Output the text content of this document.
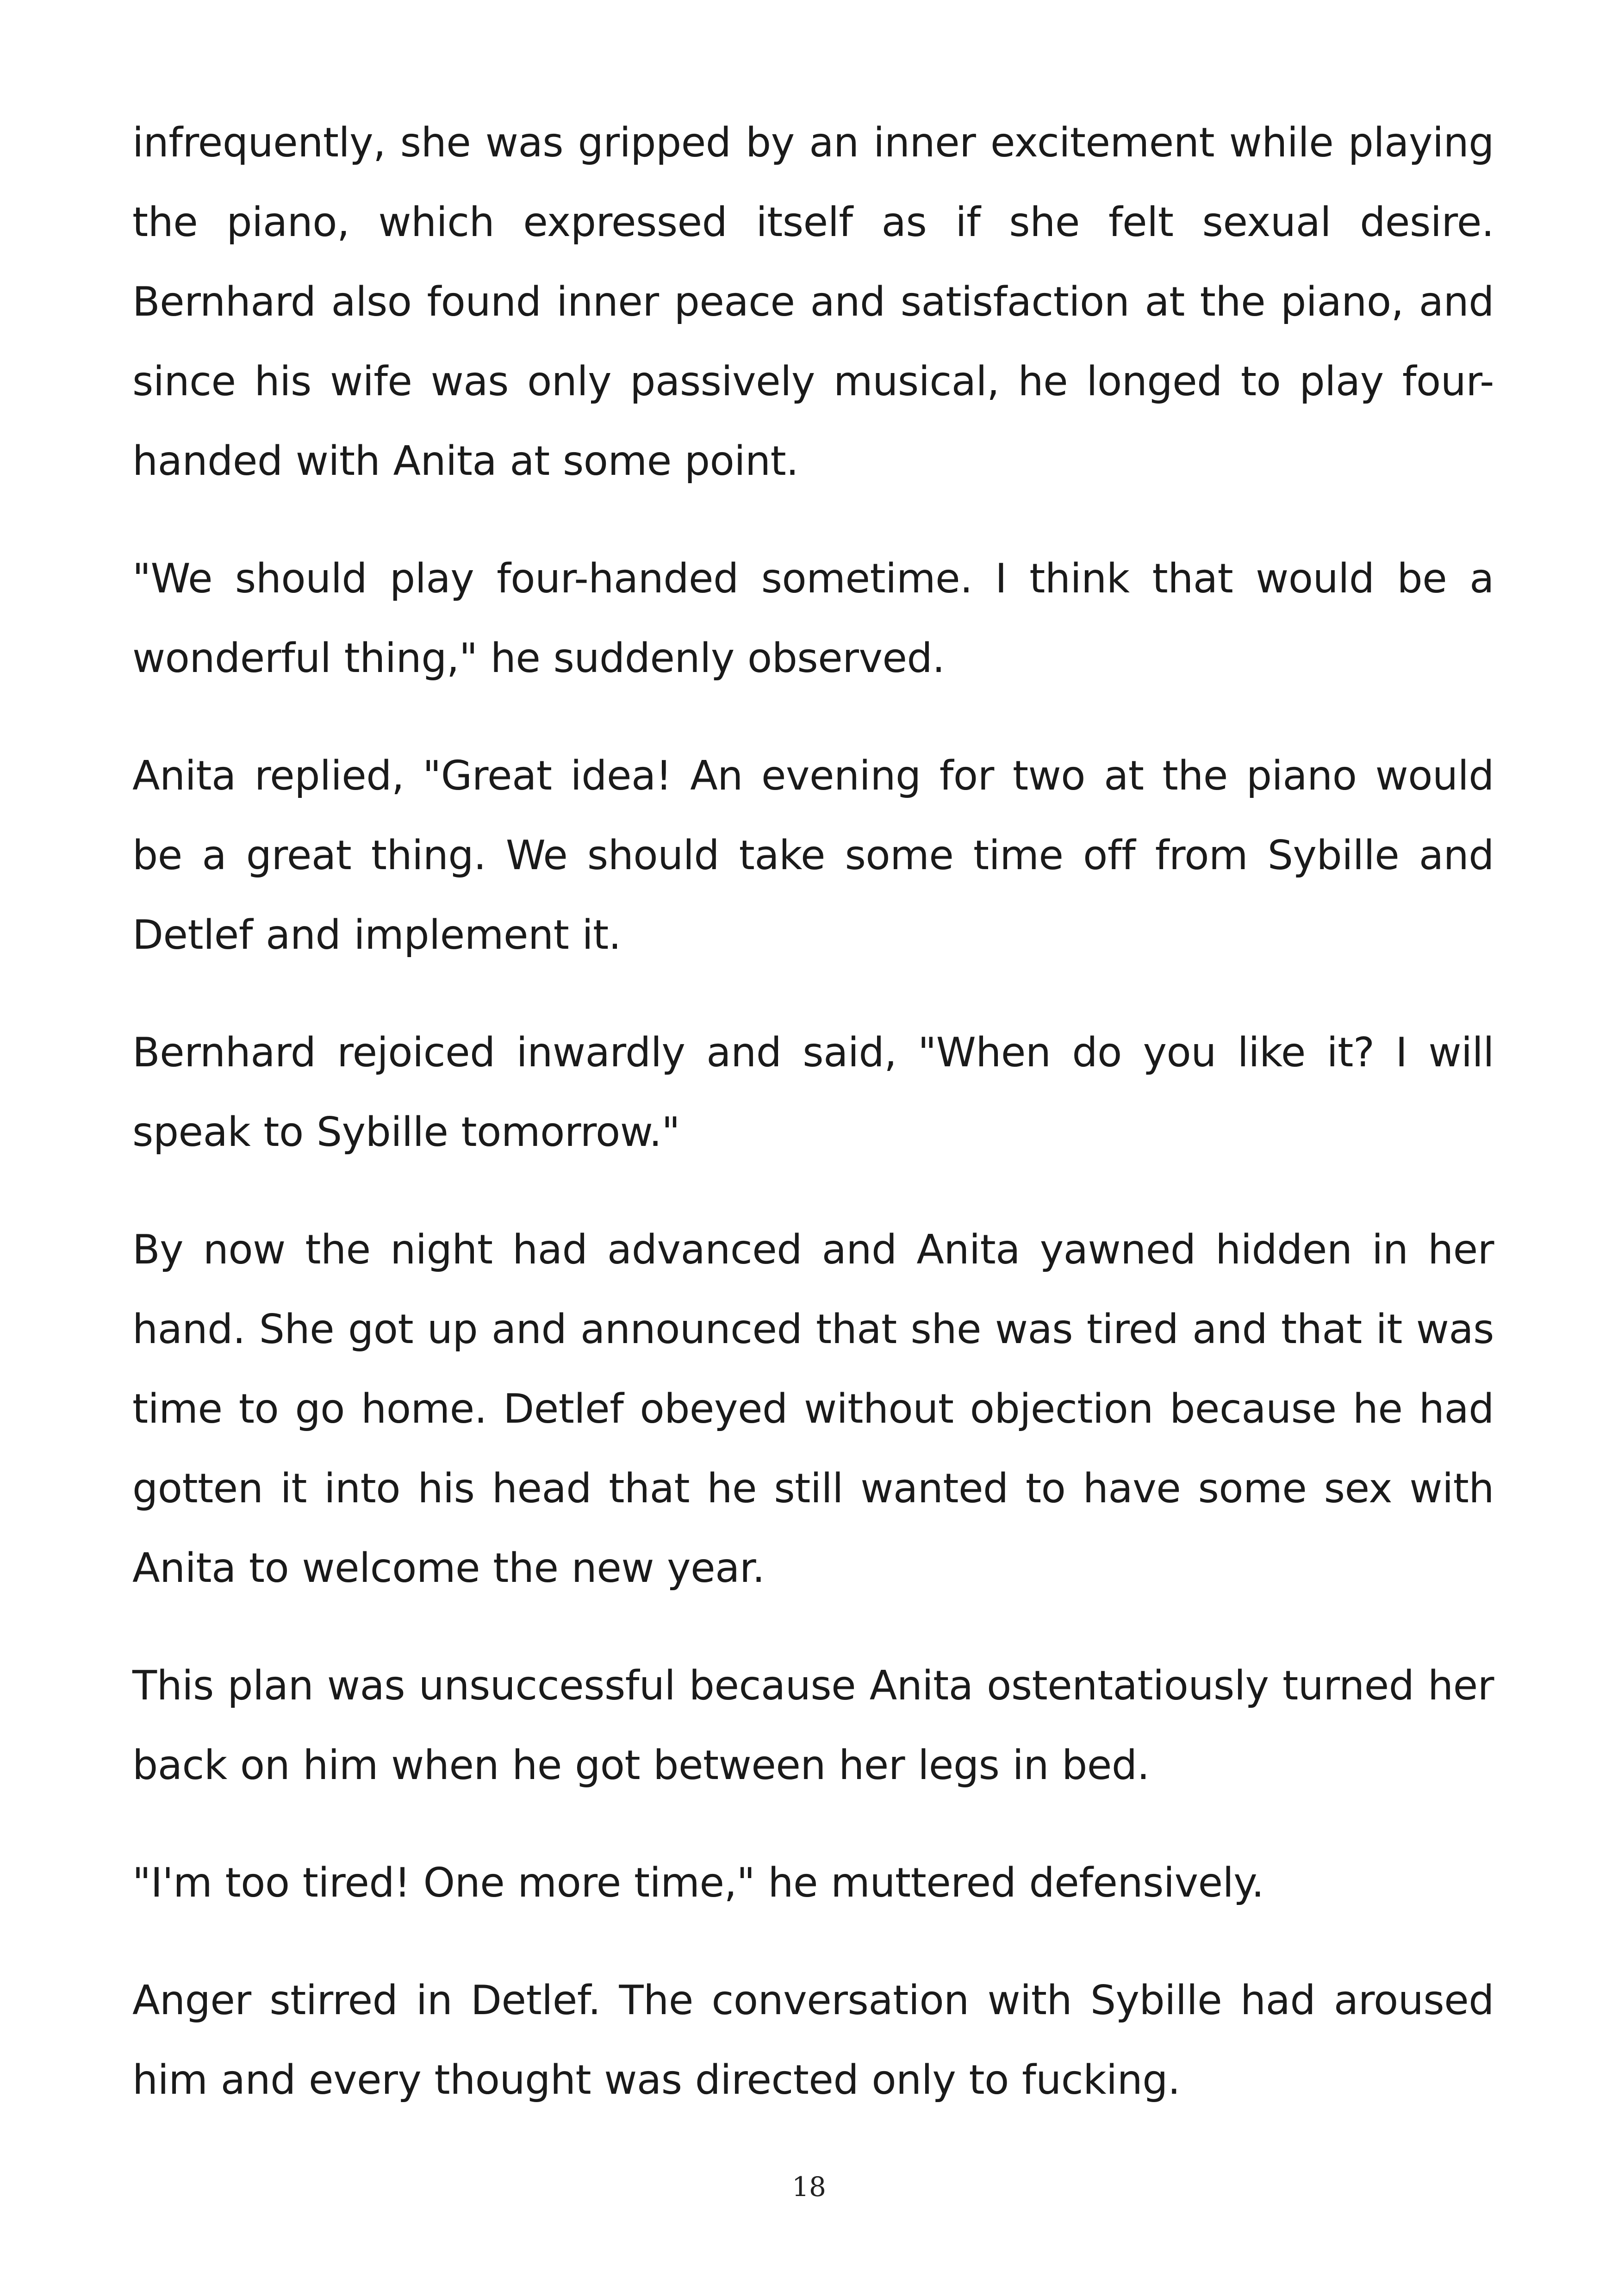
infrequently, she was gripped by an inner excitement while playing the piano, which expressed itself as if she felt sexual desire. Bernhard also found inner peace and satisfaction at the piano, and since his wife was only passively musical, he longed to play four-handed with Anita at some point.

"We should play four-handed sometime. I think that would be a wonderful thing," he suddenly observed.

Anita replied, "Great idea! An evening for two at the piano would be a great thing. We should take some time off from Sybille and Detlef and implement it.

Bernhard rejoiced inwardly and said, "When do you like it? I will speak to Sybille tomorrow."

By now the night had advanced and Anita yawned hidden in her hand. She got up and announced that she was tired and that it was time to go home. Detlef obeyed without objection because he had gotten it into his head that he still wanted to have some sex with Anita to welcome the new year.

This plan was unsuccessful because Anita ostentatiously turned her back on him when he got between her legs in bed.

"I'm too tired! One more time," he muttered defensively.

Anger stirred in Detlef. The conversation with Sybille had aroused him and every thought was directed only to fucking.

18
